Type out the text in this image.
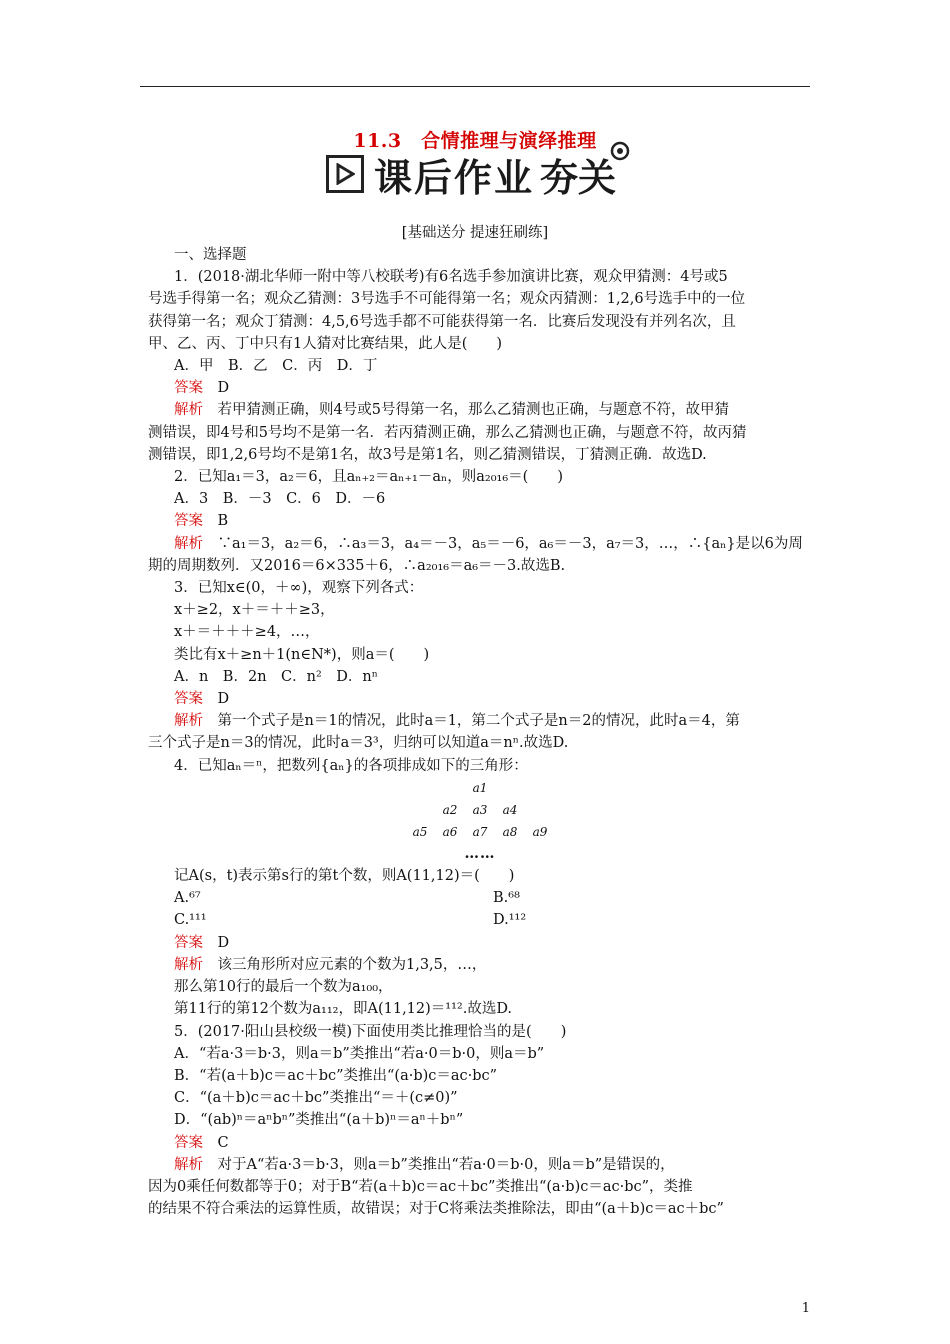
11.3　合情推理与演绎推理
课后作业 夯关
[基础送分 提速狂刷练]

一、选择题

1．(2018·湖北华师一附中等八校联考)有6名选手参加演讲比赛，观众甲猜测：4号或5

号选手得第一名；观众乙猜测：3号选手不可能得第一名；观众丙猜测：1,2,6号选手中的一位

获得第一名；观众丁猜测：4,5,6号选手都不可能获得第一名．比赛后发现没有并列名次，且

甲、乙、丙、丁中只有1人猜对比赛结果，此人是(　　)

A．甲　B．乙　C．丙　D．丁

答案　D

解析　若甲猜测正确，则4号或5号得第一名，那么乙猜测也正确，与题意不符，故甲猜

测错误，即4号和5号均不是第一名．若丙猜测正确，那么乙猜测也正确，与题意不符，故丙猜

测错误，即1,2,6号均不是第1名，故3号是第1名，则乙猜测错误，丁猜测正确．故选D.

2．已知a₁＝3，a₂＝6，且aₙ₊₂＝aₙ₊₁－aₙ，则a₂₀₁₆＝(　　)

A．3　B．－3　C．6　D．－6

答案　B

解析　∵a₁＝3，a₂＝6，∴a₃＝3，a₄＝－3，a₅＝－6，a₆＝－3，a₇＝3，…，∴{aₙ}是以6为周

期的周期数列．又2016＝6×335＋6，∴a₂₀₁₆＝a₆＝－3.故选B.

3．已知x∈(0，＋∞)，观察下列各式：

x＋≥2，x＋＝＋＋≥3，

x＋＝＋＋＋≥4，…，

类比有x＋≥n＋1(n∈N*)，则a＝(　　)

A．n　B．2n　C．n²　D．nⁿ

答案　D

解析　第一个式子是n＝1的情况，此时a＝1，第二个式子是n＝2的情况，此时a＝4，第

三个式子是n＝3的情况，此时a＝3³，归纳可以知道a＝nⁿ.故选D.

4．已知aₙ＝ⁿ，把数列{aₙ}的各项排成如下的三角形：

a1
a2 a3 a4
a5 a6 a7 a8 a9
……

记A(s，t)表示第s行的第t个数，则A(11,12)＝(　　)

A.⁶⁷	B.⁶⁸
C.¹¹¹	D.¹¹²

答案　D

解析　该三角形所对应元素的个数为1,3,5，…，

那么第10行的最后一个数为a₁₀₀，

第11行的第12个数为a₁₁₂，即A(11,12)＝¹¹².故选D.

5．(2017·阳山县校级一模)下面使用类比推理恰当的是(　　)

A．“若a·3＝b·3，则a＝b”类推出“若a·0＝b·0，则a＝b”

B．“若(a＋b)c＝ac＋bc”类推出“(a·b)c＝ac·bc”

C．“(a＋b)c＝ac＋bc”类推出“＝＋(c≠0)”

D．“(ab)ⁿ＝aⁿbⁿ”类推出“(a＋b)ⁿ＝aⁿ＋bⁿ”

答案　C

解析　对于A“若a·3＝b·3，则a＝b”类推出“若a·0＝b·0，则a＝b”是错误的，

因为0乘任何数都等于0；对于B“若(a＋b)c＝ac＋bc”类推出“(a·b)c＝ac·bc”，类推

的结果不符合乘法的运算性质，故错误；对于C将乘法类推除法，即由“(a＋b)c＝ac＋bc”

1
